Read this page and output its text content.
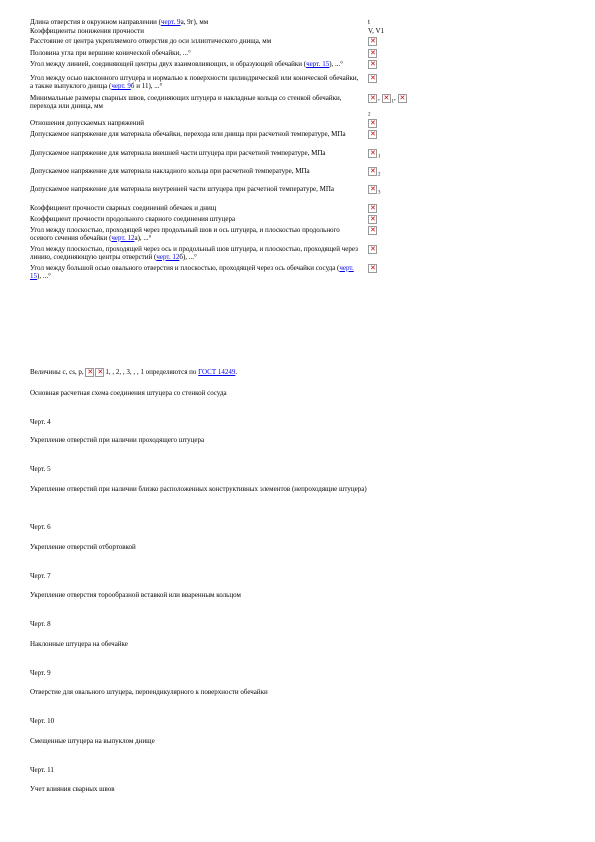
Длина отверстия в окружном направлении (черт. 9а, 9г), мм	t
Коэффициенты понижения прочности	V, V1
Расстояние от центра укрепляемого отверстия до оси эллиптического днища, мм	✕
Половина угла при вершине конической обечайки, ...°	✕
Угол между линией, соединяющей центры двух взаимовлияющих, и образующей обечайки (черт. 15), ...°	✕
Угол между осью наклонного штуцера и нормалью к поверхности цилиндрической или конической обечайки, а также выпуклого днища (черт. 9б и 11), ...°	✕
Минимальные размеры сварных швов, соединяющих штуцера и накладные кольца со стенкой обечайки, перехода или днища, мм	✕, $✕_1$, $✕_2$
Отношения допускаемых напряжений	✕
Допускаемое напряжение для материала обечайки, перехода или днища при расчетной температуре, МПа	✕
Допускаемое напряжение для материала внешней части штуцера при расчетной температуре, МПа	$✕_1$
Допускаемое напряжение для материала накладного кольца при расчетной температуре, МПа	$✕_2$
Допускаемое напряжение для материала внутренней части штуцера при расчетной температуре, МПа	$✕_3$
Коэффициент прочности сварных соединений обечаек и днищ	✕
Коэффициент прочности продольного сварного соединения штуцера	✕
Угол между плоскостью, проходящей через продольный шов и ось штуцера, и плоскостью продольного осевого сечения обечайки (черт. 12а), ...°	✕
Угол между плоскостью, проходящей через ось и продольный шов штуцера, и плоскостью, проходящей через линию, соединяющую центры отверстий (черт. 12б), ...°	✕
Угол между большой осью овального отверстия и плоскостью, проходящей через ось обечайки сосуда (черт. 15), ...°	✕
Величины c, cs, p, ✕ ✕	1, , 2, , 3, , , 1 определяются по ГОСТ 14249.
Основная расчетная схема соединения штуцера со стенкой сосуда
Черт. 4
Укрепление отверстий при наличии проходящего штуцера
Черт. 5
Укрепление отверстий при наличии близко расположенных конструктивных элементов (непроходящие штуцера)
Черт. 6
Укрепление отверстий отбортовкой
Черт. 7
Укрепление отверстия торообразной вставкой или вваренным кольцом
Черт. 8
Наклонные штуцера на обечайке
Черт. 9
Отверстие для овального штуцера, перпендикулярного к поверхности обечайки
Черт. 10
Смещенные штуцера на выпуклом днище
Черт. 11
Учет влияния сварных швов
